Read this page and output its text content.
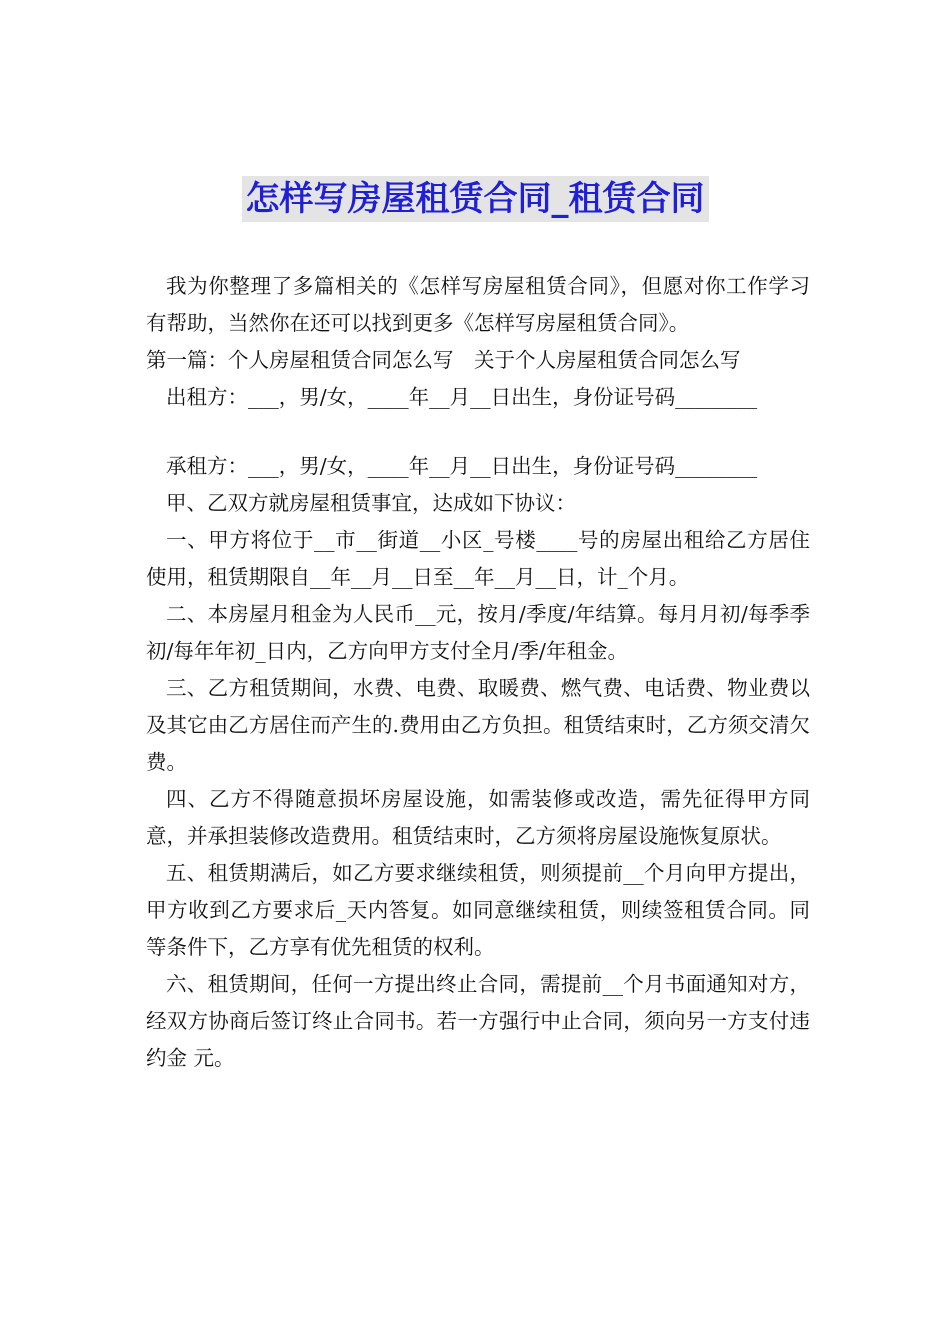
怎样写房屋租赁合同_租赁合同

我为你整理了多篇相关的《怎样写房屋租赁合同》，但愿对你工作学习有帮助，当然你在还可以找到更多《怎样写房屋租赁合同》。

第一篇：个人房屋租赁合同怎么写　关于个人房屋租赁合同怎么写

出租方：___，男/女，____年__月__日出生，身份证号码________

承租方：___，男/女，____年__月__日出生，身份证号码________

甲、乙双方就房屋租赁事宜，达成如下协议：

一、甲方将位于__市__街道__小区_号楼____号的房屋出租给乙方居住使用，租赁期限自__年__月__日至__年__月__日，计_个月。

二、本房屋月租金为人民币__元，按月/季度/年结算。每月月初/每季季初/每年年初_日内，乙方向甲方支付全月/季/年租金。

三、乙方租赁期间，水费、电费、取暖费、燃气费、电话费、物业费以及其它由乙方居住而产生的.费用由乙方负担。租赁结束时，乙方须交清欠费。

四、乙方不得随意损坏房屋设施，如需装修或改造，需先征得甲方同意，并承担装修改造费用。租赁结束时，乙方须将房屋设施恢复原状。

五、租赁期满后，如乙方要求继续租赁，则须提前__个月向甲方提出，甲方收到乙方要求后_天内答复。如同意继续租赁，则续签租赁合同。同等条件下，乙方享有优先租赁的权利。

六、租赁期间，任何一方提出终止合同，需提前__个月书面通知对方，经双方协商后签订终止合同书。若一方强行中止合同，须向另一方支付违约金 元。
